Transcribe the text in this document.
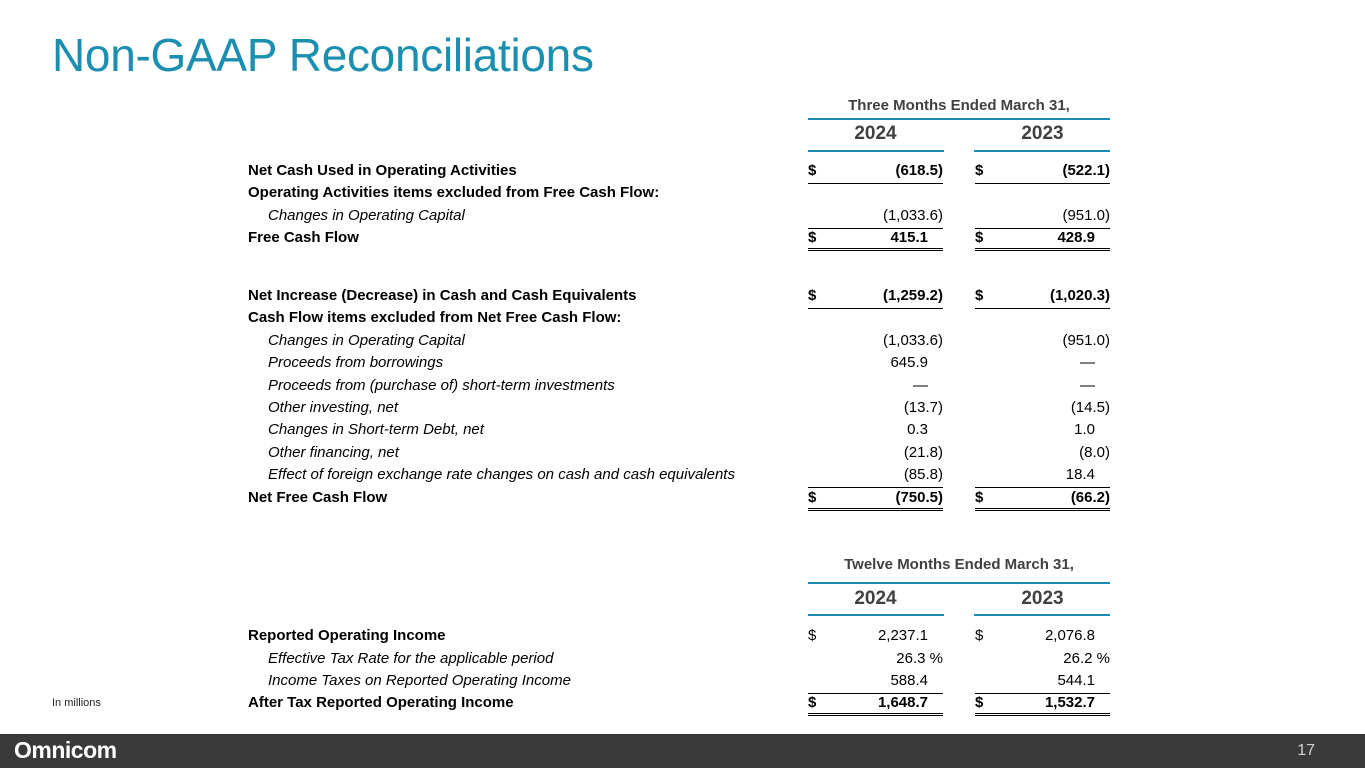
Non-GAAP Reconciliations
Three Months Ended March 31,
2024	2023
Net Cash Used in Operating Activities	$	(618.5) $	(522.1)
Operating Activities items excluded from Free Cash Flow:
Changes in Operating Capital	(1,033.6)	(951.0)
Free Cash Flow	$	415.1	$	428.9
Net Increase (Decrease) in Cash and Cash Equivalents	$	(1,259.2) $	(1,020.3)
Cash Flow items excluded from Net Free Cash Flow:
Changes in Operating Capital	(1,033.6)	(951.0)
Proceeds from borrowings	645.9	—
Proceeds from (purchase of) short-term investments	—	—
Other investing, net	(13.7)	(14.5)
Changes in Short-term Debt, net	0.3	1.0
Other financing, net	(21.8)	(8.0)
Effect of foreign exchange rate changes on cash and cash equivalents	(85.8)	18.4
Net Free Cash Flow	$	(750.5) $	(66.2)
Twelve Months Ended March 31,
2024	2023
Reported Operating Income	$	2,237.1	$	2,076.8
Effective Tax Rate for the applicable period	26.3 %	26.2 %
Income Taxes on Reported Operating Income	588.4	544.1
After Tax Reported Operating Income	$	1,648.7	$	1,532.7
In millions
Omnicom	17
